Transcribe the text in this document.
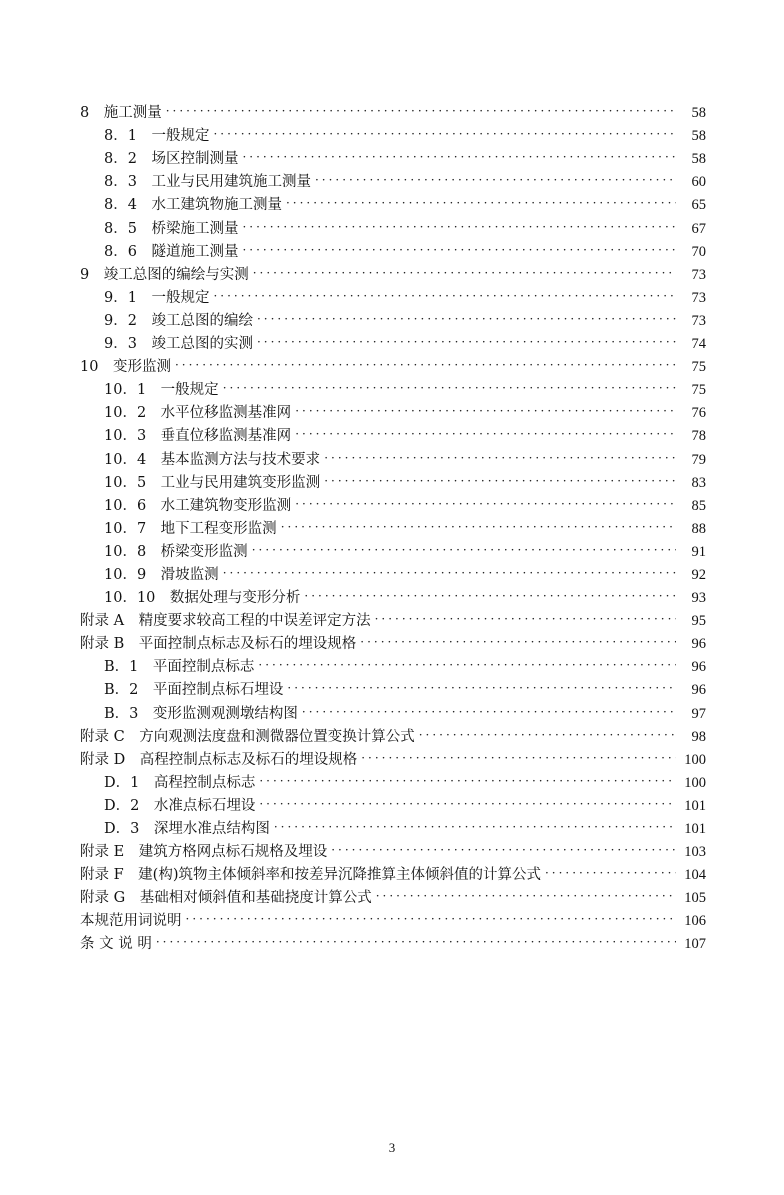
8　施工测量 ·····	58
8．1　一般规定 ·····	58
8．2　场区控制测量 ·····	58
8．3　工业与民用建筑施工测量 ·····	60
8．4　水工建筑物施工测量 ·····	65
8．5　桥梁施工测量 ·····	67
8．6　隧道施工测量 ·····	70
9　竣工总图的编绘与实测 ·····	73
9．1　一般规定 ·····	73
9．2　竣工总图的编绘 ·····	73
9．3　竣工总图的实测 ·····	74
10　变形监测 ·····	75
10．1　一般规定 ·····	75
10．2　水平位移监测基准网 ·····	76
10．3　垂直位移监测基准网 ·····	78
10．4　基本监测方法与技术要求 ·····	79
10．5　工业与民用建筑变形监测 ·····	83
10．6　水工建筑物变形监测 ·····	85
10．7　地下工程变形监测 ·····	88
10．8　桥梁变形监测 ·····	91
10．9　滑坡监测 ·····	92
10．10　数据处理与变形分析 ·····	93
附录 A　精度要求较高工程的中误差评定方法 ·····	95
附录 B　平面控制点标志及标石的埋设规格 ·····	96
B．1　平面控制点标志 ·····	96
B．2　平面控制点标石埋设 ·····	96
B．3　变形监测观测墩结构图 ·····	97
附录 C　方向观测法度盘和测微器位置变换计算公式 ·····	98
附录 D　高程控制点标志及标石的埋设规格 ·····	100
D．1　高程控制点标志 ·····	100
D．2　水准点标石埋设 ·····	101
D．3　深埋水准点结构图 ·····	101
附录 E　建筑方格网点标石规格及埋设 ·····	103
附录 F　建(构)筑物主体倾斜率和按差异沉降推算主体倾斜值的计算公式 ·····	104
附录 G　基础相对倾斜值和基础挠度计算公式 ·····	105
本规范用词说明 ·····	106
条 文 说 明 ·····	107
3
